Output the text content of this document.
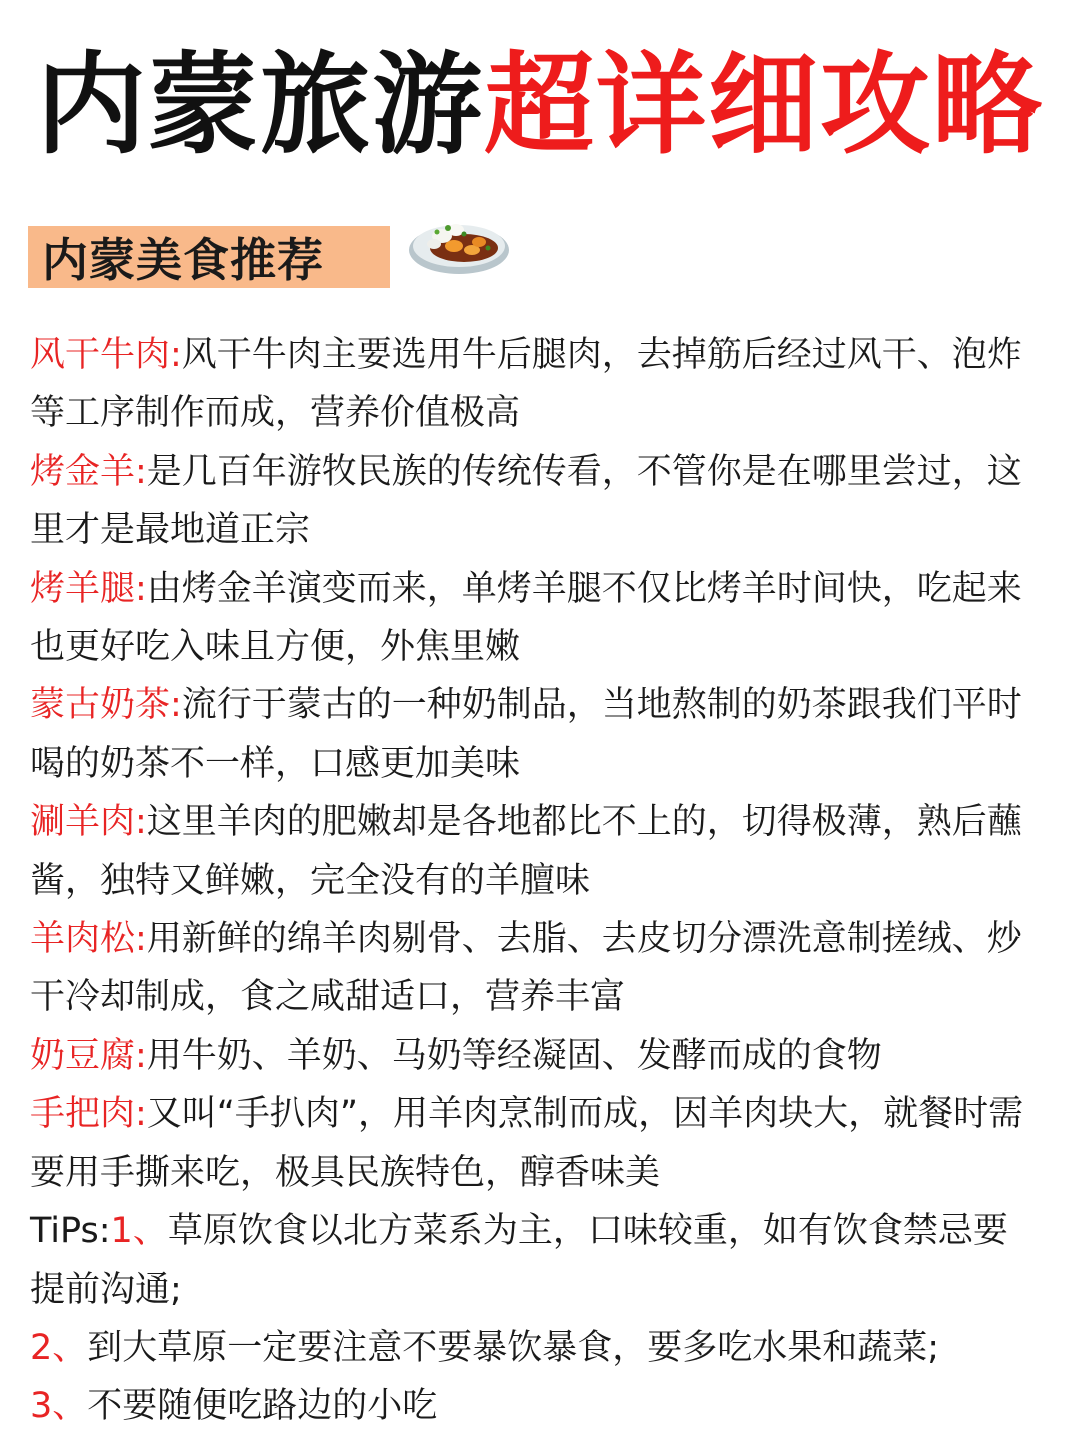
内蒙旅游超详细攻略
内蒙美食推荐

风干牛肉:风干牛肉主要选用牛后腿肉，去掉筋后经过风干、泡炸等工序制作而成，营养价值极高

烤金羊:是几百年游牧民族的传统传看，不管你是在哪里尝过，这里才是最地道正宗

烤羊腿:由烤金羊演变而来，单烤羊腿不仅比烤羊时间快，吃起来也更好吃入味且方便，外焦里嫩

蒙古奶茶:流行于蒙古的一种奶制品，当地熬制的奶茶跟我们平时喝的奶茶不一样，口感更加美味

涮羊肉:这里羊肉的肥嫩却是各地都比不上的，切得极薄，熟后蘸酱，独特又鲜嫩，完全没有的羊膻味

羊肉松:用新鲜的绵羊肉剔骨、去脂、去皮切分漂洗意制搓绒、炒干冷却制成，食之咸甜适口，营养丰富

奶豆腐:用牛奶、羊奶、马奶等经凝固、发酵而成的食物

手把肉:又叫“手扒肉”，用羊肉烹制而成，因羊肉块大，就餐时需要用手撕来吃，极具民族特色，醇香味美

TiPs:1、草原饮食以北方菜系为主，口味较重，如有饮食禁忌要提前沟通;

2、到大草原一定要注意不要暴饮暴食，要多吃水果和蔬菜;

3、不要随便吃路边的小吃
